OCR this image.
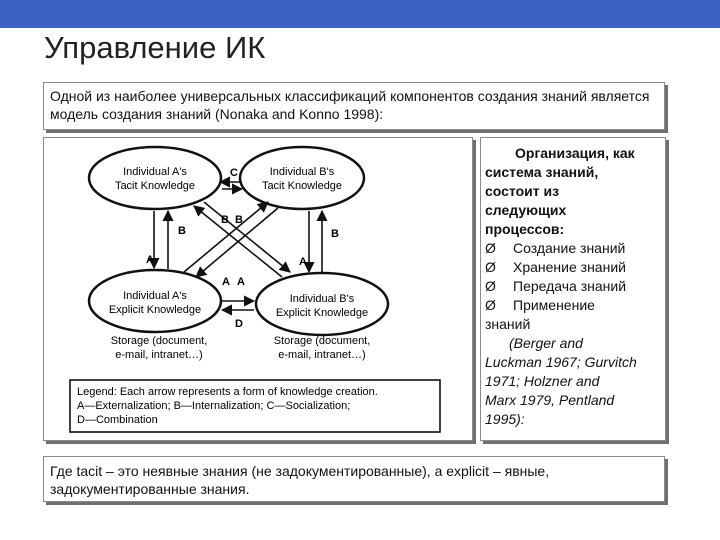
Управление ИК

Одной из наиболее универсальных классификаций компонентов создания знаний является модель создания знаний (Nonaka and Konno 1998):

Individual A's
Tacit Knowledge
Individual B's
Tacit Knowledge
Individual A's
Explicit Knowledge
Individual B's
Explicit Knowledge
Storage (document,
e-mail, intranet…)
Storage (document,
e-mail, intranet…)
C
D
B
A
B
A
B B
A A
Legend: Each arrow represents a form of knowledge creation.
A—Externalization; B—Internalization; C—Socialization;
D—Combination
Организация, как
система знаний,
состоит из
следующих
процессов:
Ø	Создание знаний
Ø	Хранение знаний
Ø	Передача знаний
Ø	Применение
знаний
(Berger and
Luckman 1967; Gurvitch
1971; Holzner and
Marx 1979, Pentland
1995):

Где tacit – это неявные знания (не задокументированные), а explicit – явные, задокументированные знания.
